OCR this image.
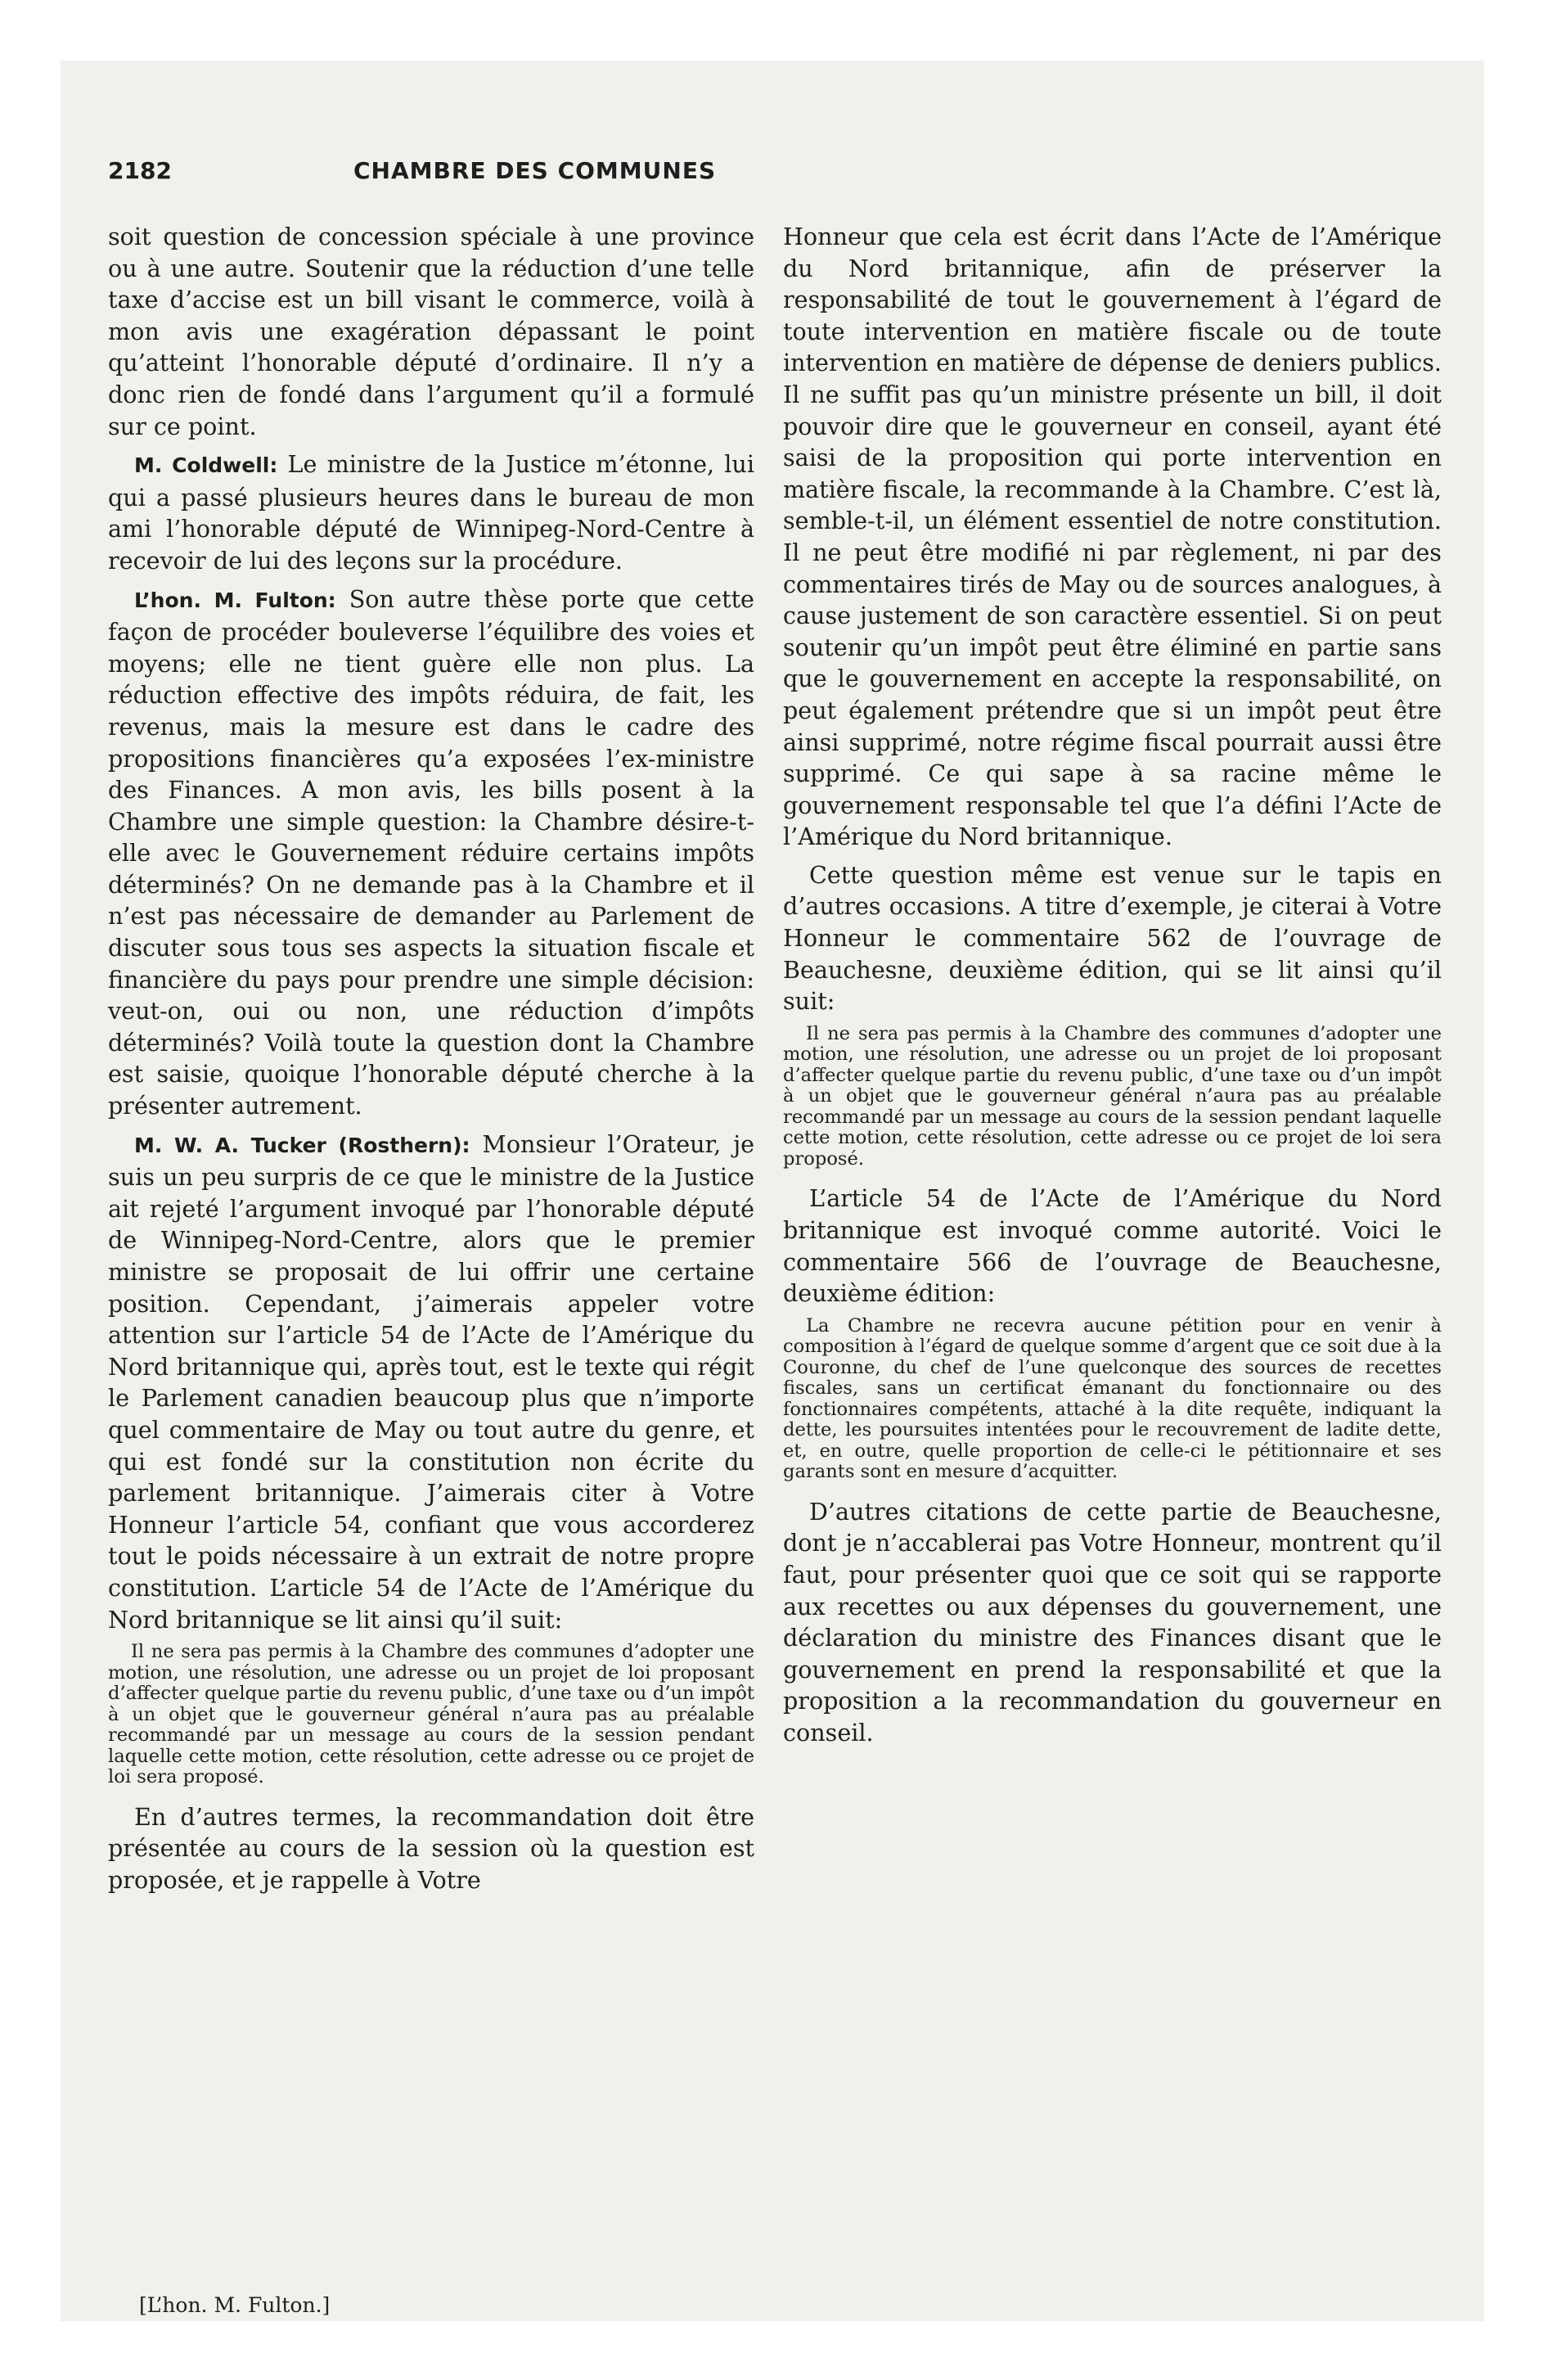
2182	CHAMBRE DES COMMUNES

soit question de concession spéciale à une province ou à une autre. Soutenir que la réduction d’une telle taxe d’accise est un bill visant le commerce, voilà à mon avis une exagération dépassant le point qu’atteint l’honorable député d’ordinaire. Il n’y a donc rien de fondé dans l’argument qu’il a formulé sur ce point.

M. Coldwell: Le ministre de la Justice m’étonne, lui qui a passé plusieurs heures dans le bureau de mon ami l’honorable député de Winnipeg-Nord-Centre à recevoir de lui des leçons sur la procédure.

L’hon. M. Fulton: Son autre thèse porte que cette façon de procéder bouleverse l’équilibre des voies et moyens; elle ne tient guère elle non plus. La réduction effective des impôts réduira, de fait, les revenus, mais la mesure est dans le cadre des propositions financières qu’a exposées l’ex-ministre des Finances. A mon avis, les bills posent à la Chambre une simple question: la Chambre désire-t-elle avec le Gouvernement réduire certains impôts déterminés? On ne demande pas à la Chambre et il n’est pas nécessaire de demander au Parlement de discuter sous tous ses aspects la situation fiscale et financière du pays pour prendre une simple décision: veut-on, oui ou non, une réduction d’impôts déterminés? Voilà toute la question dont la Chambre est saisie, quoique l’honorable député cherche à la présenter autrement.

M. W. A. Tucker (Rosthern): Monsieur l’Orateur, je suis un peu surpris de ce que le ministre de la Justice ait rejeté l’argument invoqué par l’honorable député de Winnipeg-Nord-Centre, alors que le premier ministre se proposait de lui offrir une certaine position. Cependant, j’aimerais appeler votre attention sur l’article 54 de l’Acte de l’Amérique du Nord britannique qui, après tout, est le texte qui régit le Parlement canadien beaucoup plus que n’importe quel commentaire de May ou tout autre du genre, et qui est fondé sur la constitution non écrite du parlement britannique. J’aimerais citer à Votre Honneur l’article 54, confiant que vous accorderez tout le poids nécessaire à un extrait de notre propre constitution. L’article 54 de l’Acte de l’Amérique du Nord britannique se lit ainsi qu’il suit:

Il ne sera pas permis à la Chambre des communes d’adopter une motion, une résolution, une adresse ou un projet de loi proposant d’affecter quelque partie du revenu public, d’une taxe ou d’un impôt à un objet que le gouverneur général n’aura pas au préalable recommandé par un message au cours de la session pendant laquelle cette motion, cette résolution, cette adresse ou ce projet de loi sera proposé.

En d’autres termes, la recommandation doit être présentée au cours de la session où la question est proposée, et je rappelle à Votre

Honneur que cela est écrit dans l’Acte de l’Amérique du Nord britannique, afin de préserver la responsabilité de tout le gouvernement à l’égard de toute intervention en matière fiscale ou de toute intervention en matière de dépense de deniers publics. Il ne suffit pas qu’un ministre présente un bill, il doit pouvoir dire que le gouverneur en conseil, ayant été saisi de la proposition qui porte intervention en matière fiscale, la recommande à la Chambre. C’est là, semble-t-il, un élément essentiel de notre constitution. Il ne peut être modifié ni par règlement, ni par des commentaires tirés de May ou de sources analogues, à cause justement de son caractère essentiel. Si on peut soutenir qu’un impôt peut être éliminé en partie sans que le gouvernement en accepte la responsabilité, on peut également prétendre que si un impôt peut être ainsi supprimé, notre régime fiscal pourrait aussi être supprimé. Ce qui sape à sa racine même le gouvernement responsable tel que l’a défini l’Acte de l’Amérique du Nord britannique.

Cette question même est venue sur le tapis en d’autres occasions. A titre d’exemple, je citerai à Votre Honneur le commentaire 562 de l’ouvrage de Beauchesne, deuxième édition, qui se lit ainsi qu’il suit:

Il ne sera pas permis à la Chambre des communes d’adopter une motion, une résolution, une adresse ou un projet de loi proposant d’affecter quelque partie du revenu public, d’une taxe ou d’un impôt à un objet que le gouverneur général n’aura pas au préalable recommandé par un message au cours de la session pendant laquelle cette motion, cette résolution, cette adresse ou ce projet de loi sera proposé.

L’article 54 de l’Acte de l’Amérique du Nord britannique est invoqué comme autorité. Voici le commentaire 566 de l’ouvrage de Beauchesne, deuxième édition:

La Chambre ne recevra aucune pétition pour en venir à composition à l’égard de quelque somme d’argent que ce soit due à la Couronne, du chef de l’une quelconque des sources de recettes fiscales, sans un certificat émanant du fonctionnaire ou des fonctionnaires compétents, attaché à la dite requête, indiquant la dette, les poursuites intentées pour le recouvrement de ladite dette, et, en outre, quelle proportion de celle-ci le pétitionnaire et ses garants sont en mesure d’acquitter.

D’autres citations de cette partie de Beauchesne, dont je n’accablerai pas Votre Honneur, montrent qu’il faut, pour présenter quoi que ce soit qui se rapporte aux recettes ou aux dépenses du gouvernement, une déclaration du ministre des Finances disant que le gouvernement en prend la responsabilité et que la proposition a la recommandation du gouverneur en conseil.

[L’hon. M. Fulton.]
